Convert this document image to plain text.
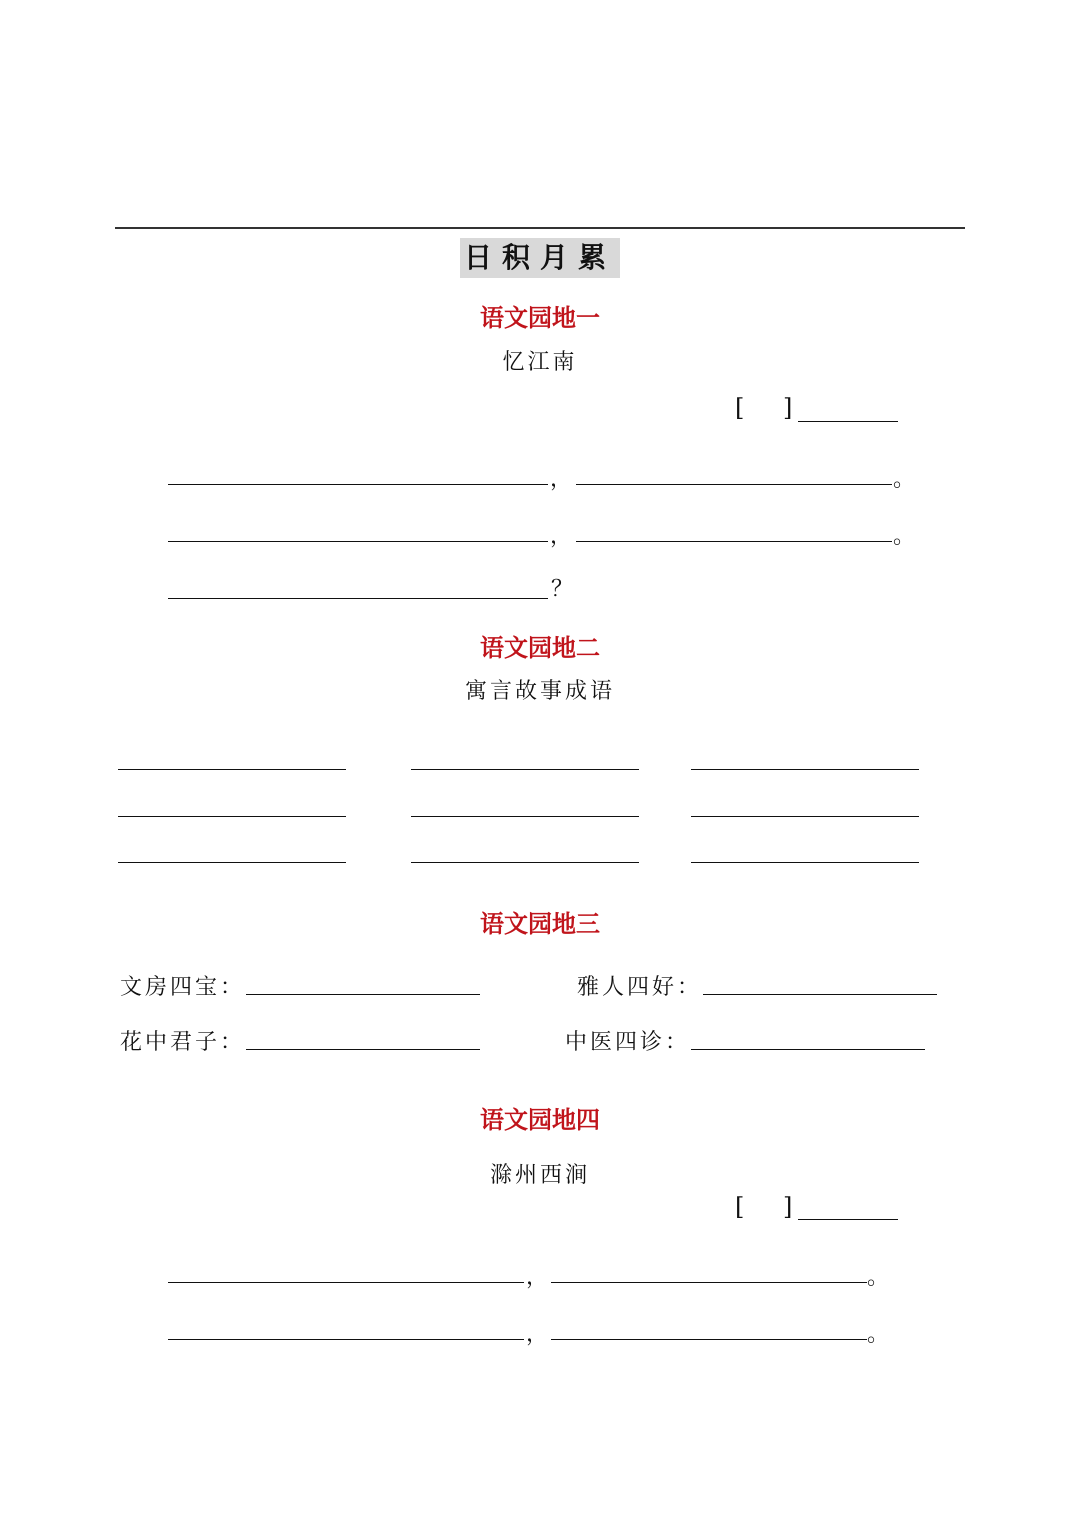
日积月累
语文园地一
忆江南
[ ]
，	。
，	。
？
语文园地二
寓言故事成语
语文园地三
文房四宝：	雅人四好：
花中君子：	中医四诊：
语文园地四
滁州西涧
[ ]
，	。
，	。
